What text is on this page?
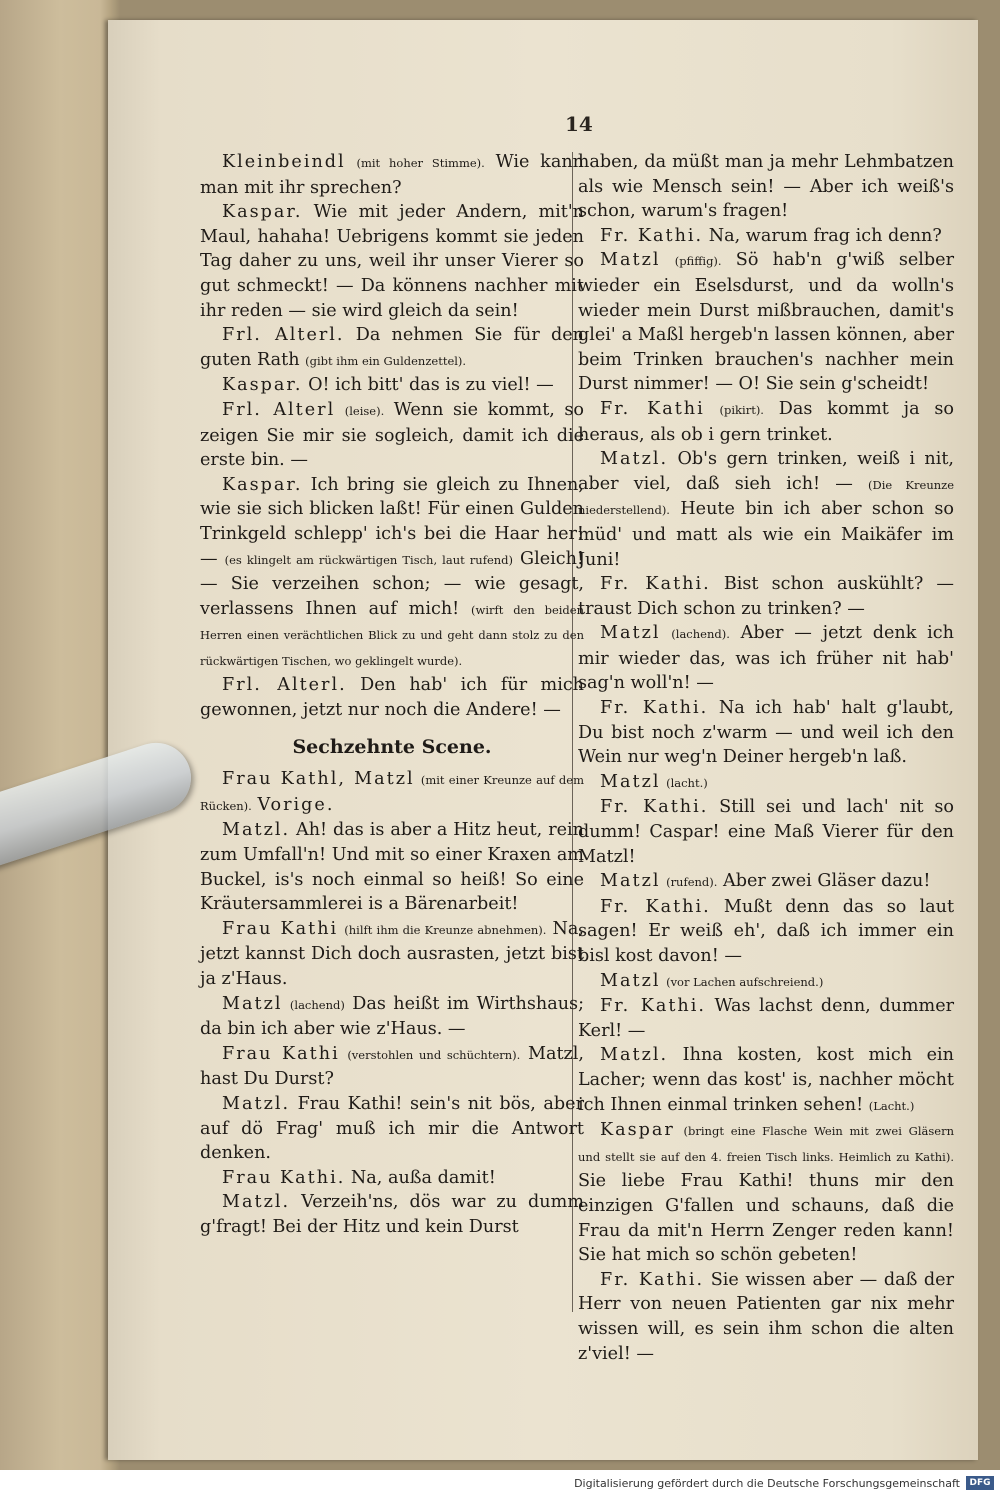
14

Kleinbeindl (mit hoher Stimme). Wie kann man mit ihr sprechen?

Kaspar. Wie mit jeder Andern, mit'n Maul, hahaha! Uebrigens kommt sie jeden Tag daher zu uns, weil ihr unser Vierer so gut schmeckt! — Da könnens nachher mit ihr reden — sie wird gleich da sein!

Frl. Alterl. Da nehmen Sie für den guten Rath (gibt ihm ein Guldenzettel).

Kaspar. O! ich bitt' das is zu viel! —

Frl. Alterl (leise). Wenn sie kommt, so zeigen Sie mir sie sogleich, damit ich die erste bin. —

Kaspar. Ich bring sie gleich zu Ihnen, wie sie sich blicken laßt! Für einen Gulden Trinkgeld schlepp' ich's bei die Haar her! — (es klingelt am rückwärtigen Tisch, laut rufend) Gleich! — Sie verzeihen schon; — wie gesagt, verlassens Ihnen auf mich! (wirft den beiden Herren einen verächtlichen Blick zu und geht dann stolz zu den rückwärtigen Tischen, wo geklingelt wurde).

Frl. Alterl. Den hab' ich für mich gewonnen, jetzt nur noch die Andere! —

Sechzehnte Scene.

Frau Kathl, Matzl (mit einer Kreunze auf dem Rücken). Vorige.

Matzl. Ah! das is aber a Hitz heut, rein zum Umfall'n! Und mit so einer Kraxen am Buckel, is's noch einmal so heiß! So eine Kräutersammlerei is a Bärenarbeit!

Frau Kathi (hilft ihm die Kreunze abnehmen). Na, jetzt kannst Dich doch ausrasten, jetzt bist ja z'Haus.

Matzl (lachend) Das heißt im Wirthshaus; da bin ich aber wie z'Haus. —

Frau Kathi (verstohlen und schüchtern). Matzl, hast Du Durst?

Matzl. Frau Kathi! sein's nit bös, aber auf dö Frag' muß ich mir die Antwort denken.

Frau Kathi. Na, außa damit!

Matzl. Verzeih'ns, dös war zu dumm g'fragt! Bei der Hitz und kein Durst

haben, da müßt man ja mehr Lehmbatzen als wie Mensch sein! — Aber ich weiß's schon, warum's fragen!

Fr. Kathi. Na, warum frag ich denn?

Matzl (pfiffig). Sö hab'n g'wiß selber wieder ein Eselsdurst, und da wolln's wieder mein Durst mißbrauchen, damit's glei' a Maßl hergeb'n lassen können, aber beim Trinken brauchen's nachher mein Durst nimmer! — O! Sie sein g'scheidt!

Fr. Kathi (pikirt). Das kommt ja so heraus, als ob i gern trinket.

Matzl. Ob's gern trinken, weiß i nit, aber viel, daß sieh ich! — (Die Kreunze niederstellend). Heute bin ich aber schon so müd' und matt als wie ein Maikäfer im Juni!

Fr. Kathi. Bist schon auskühlt? — traust Dich schon zu trinken? —

Matzl (lachend). Aber — jetzt denk ich mir wieder das, was ich früher nit hab' sag'n woll'n! —

Fr. Kathi. Na ich hab' halt g'laubt, Du bist noch z'warm — und weil ich den Wein nur weg'n Deiner hergeb'n laß.

Matzl (lacht.)

Fr. Kathi. Still sei und lach' nit so dumm! Caspar! eine Maß Vierer für den Matzl!

Matzl (rufend). Aber zwei Gläser dazu!

Fr. Kathi. Mußt denn das so laut sagen! Er weiß eh', daß ich immer ein bisl kost davon! —

Matzl (vor Lachen aufschreiend.)

Fr. Kathi. Was lachst denn, dummer Kerl! —

Matzl. Ihna kosten, kost mich ein Lacher; wenn das kost' is, nachher möcht ich Ihnen einmal trinken sehen! (Lacht.)

Kaspar (bringt eine Flasche Wein mit zwei Gläsern und stellt sie auf den 4. freien Tisch links. Heimlich zu Kathi). Sie liebe Frau Kathi! thuns mir den einzigen G'fallen und schauns, daß die Frau da mit'n Herrn Zenger reden kann! Sie hat mich so schön gebeten!

Fr. Kathi. Sie wissen aber — daß der Herr von neuen Patienten gar nix mehr wissen will, es sein ihm schon die alten z'viel! —

Digitalisierung gefördert durch die Deutsche Forschungsgemeinschaft	DFG
